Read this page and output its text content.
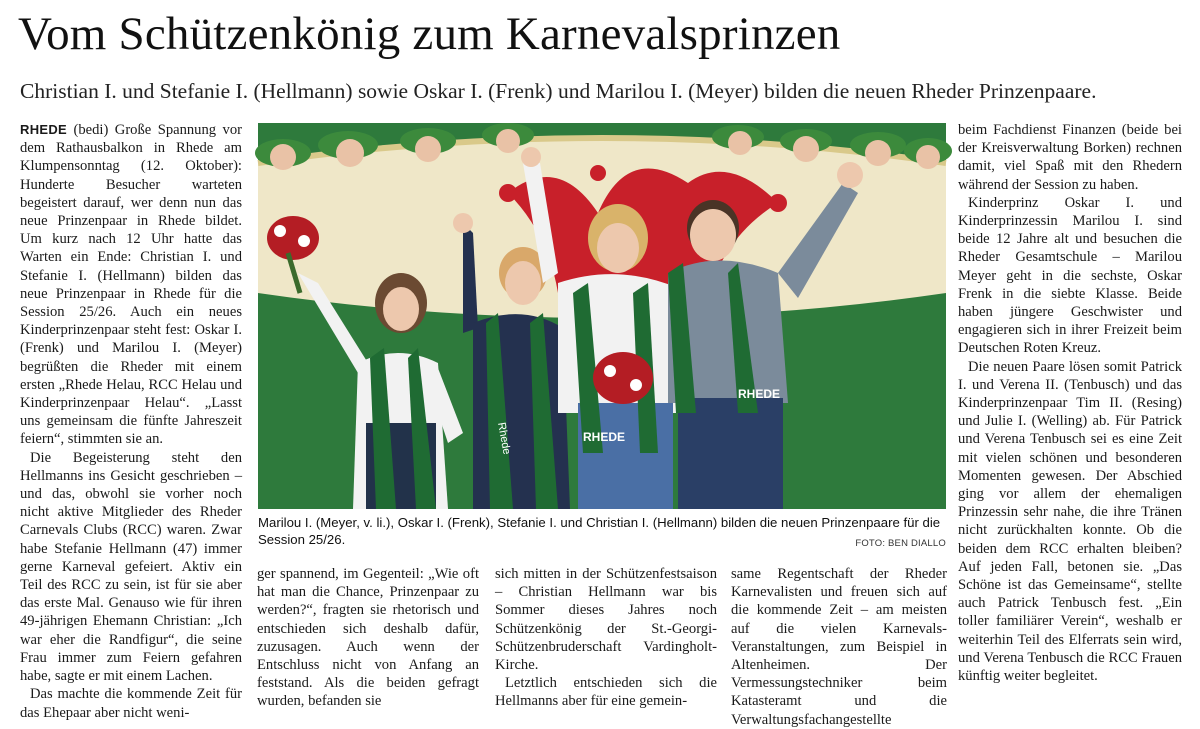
Vom Schützenkönig zum Karnevalsprinzen
Christian I. und Stefanie I. (Hellmann) sowie Oskar I. (Frenk) und Marilou I. (Meyer) bilden die neuen Rheder Prinzenpaare.

RHEDE (bedi) Große Spannung vor dem Rathausbalkon in Rhede am Klumpensonntag (12. Oktober): Hunderte Besucher warteten begeistert darauf, wer denn nun das neue Prinzenpaar in Rhede bildet. Um kurz nach 12 Uhr hatte das Warten ein Ende: Christian I. und Stefanie I. (Hellmann) bilden das neue Prinzenpaar in Rhede für die Session 25/26. Auch ein neues Kinderprinzenpaar steht fest: Oskar I. (Frenk) und Marilou I. (Meyer) begrüßten die Rheder mit einem ersten „Rhede Helau, RCC Helau und Kinderprinzenpaar Helau“. „Lasst uns gemeinsam die fünfte Jahreszeit feiern“, stimmten sie an.

Die Begeisterung steht den Hellmanns ins Gesicht geschrieben – und das, obwohl sie vorher noch nicht aktive Mitglieder des Rheder Carnevals Clubs (RCC) waren. Zwar habe Stefanie Hellmann (47) immer gerne Karneval gefeiert. Aktiv ein Teil des RCC zu sein, ist für sie aber das erste Mal. Genauso wie für ihren 49-jährigen Ehemann Christian: „Ich war eher die Randfigur“, die seine Frau immer zum Feiern gefahren habe, sagte er mit einem Lachen.

Das machte die kommende Zeit für das Ehepaar aber nicht weni-

RHEDE
RHEDE
Rhede
Marilou I. (Meyer, v. li.), Oskar I. (Frenk), Stefanie I. und Christian I. (Hellmann) bilden die neuen Prinzenpaare für die Session 25/26.	FOTO: BEN DIALLO

ger spannend, im Gegenteil: „Wie oft hat man die Chance, Prinzenpaar zu werden?“, fragten sie rhetorisch und entschieden sich deshalb dafür, zuzusagen. Auch wenn der Entschluss nicht von Anfang an feststand. Als die beiden gefragt wurden, befanden sie

sich mitten in der Schützenfestsaison – Christian Hellmann war bis Sommer dieses Jahres noch Schützenkönig der St.-Georgi-Schützenbruderschaft Vardingholt-Kirche.

Letztlich entschieden sich die Hellmanns aber für eine gemein-

same Regentschaft der Rheder Karnevalisten und freuen sich auf die kommende Zeit – am meisten auf die vielen Karnevals-Veranstaltungen, zum Beispiel in Altenheimen. Der Vermessungstechniker beim Katasteramt und die Verwaltungsfachangestellte

beim Fachdienst Finanzen (beide bei der Kreisverwaltung Borken) rechnen damit, viel Spaß mit den Rhedern während der Session zu haben.

Kinderprinz Oskar I. und Kinderprinzessin Marilou I. sind beide 12 Jahre alt und besuchen die Rheder Gesamtschule – Marilou Meyer geht in die sechste, Oskar Frenk in die siebte Klasse. Beide haben jüngere Geschwister und engagieren sich in ihrer Freizeit beim Deutschen Roten Kreuz.

Die neuen Paare lösen somit Patrick I. und Verena II. (Tenbusch) und das Kinderprinzenpaar Tim II. (Resing) und Julie I. (Welling) ab. Für Patrick und Verena Tenbusch sei es eine Zeit mit vielen schönen und besonderen Momenten gewesen. Der Abschied ging vor allem der ehemaligen Prinzessin sehr nahe, die ihre Tränen nicht zurückhalten konnte. Ob die beiden dem RCC erhalten bleiben? Auf jeden Fall, betonen sie. „Das Schöne ist das Gemeinsame“, stellte auch Patrick Tenbusch fest. „Ein toller familiärer Verein“, weshalb er weiterhin Teil des Elferrats sein wird, und Verena Tenbusch die RCC Frauen künftig weiter begleitet.
